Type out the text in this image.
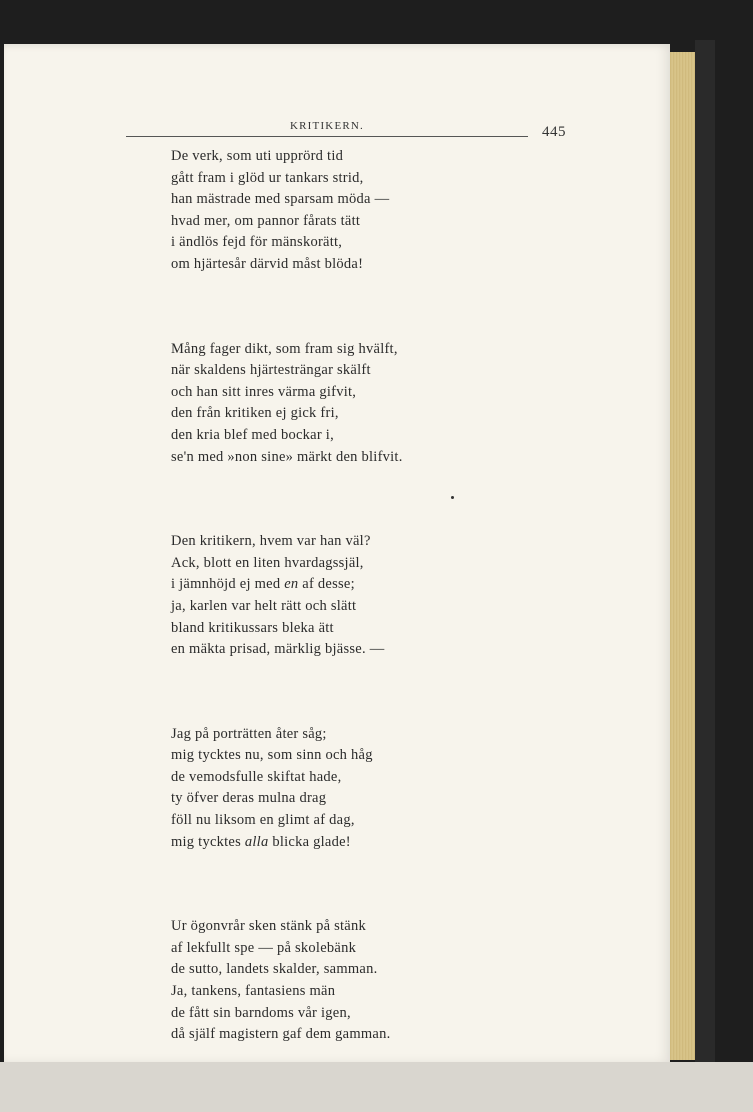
KRITIKERN.	445
De verk, som uti upprörd tid
gått fram i glöd ur tankars strid,
han mästrade med sparsam möda —
hvad mer, om pannor fårats tätt
i ändlös fejd för mänskorätt,
om hjärtesår därvid måst blöda!
Mång fager dikt, som fram sig hvälft,
när skaldens hjärtesträngar skälft
och han sitt inres värma gifvit,
den från kritiken ej gick fri,
den kria blef med bockar i,
se'n med »non sine» märkt den blifvit.
Den kritikern, hvem var han väl?
Ack, blott en liten hvardagssjäl,
i jämnhöjd ej med en af desse;
ja, karlen var helt rätt och slätt
bland kritikussars bleka ätt
en mäkta prisad, märklig bjässe. —
Jag på porträtten åter såg;
mig tycktes nu, som sinn och håg
de vemodsfulle skiftat hade,
ty öfver deras mulna drag
föll nu liksom en glimt af dag,
mig tycktes alla blicka glade!
Ur ögonvrår sken stänk på stänk
af lekfullt spe — på skolebänk
de sutto, landets skalder, samman.
Ja, tankens, fantasiens män
de fått sin barndoms vår igen,
då själf magistern gaf dem gamman.
